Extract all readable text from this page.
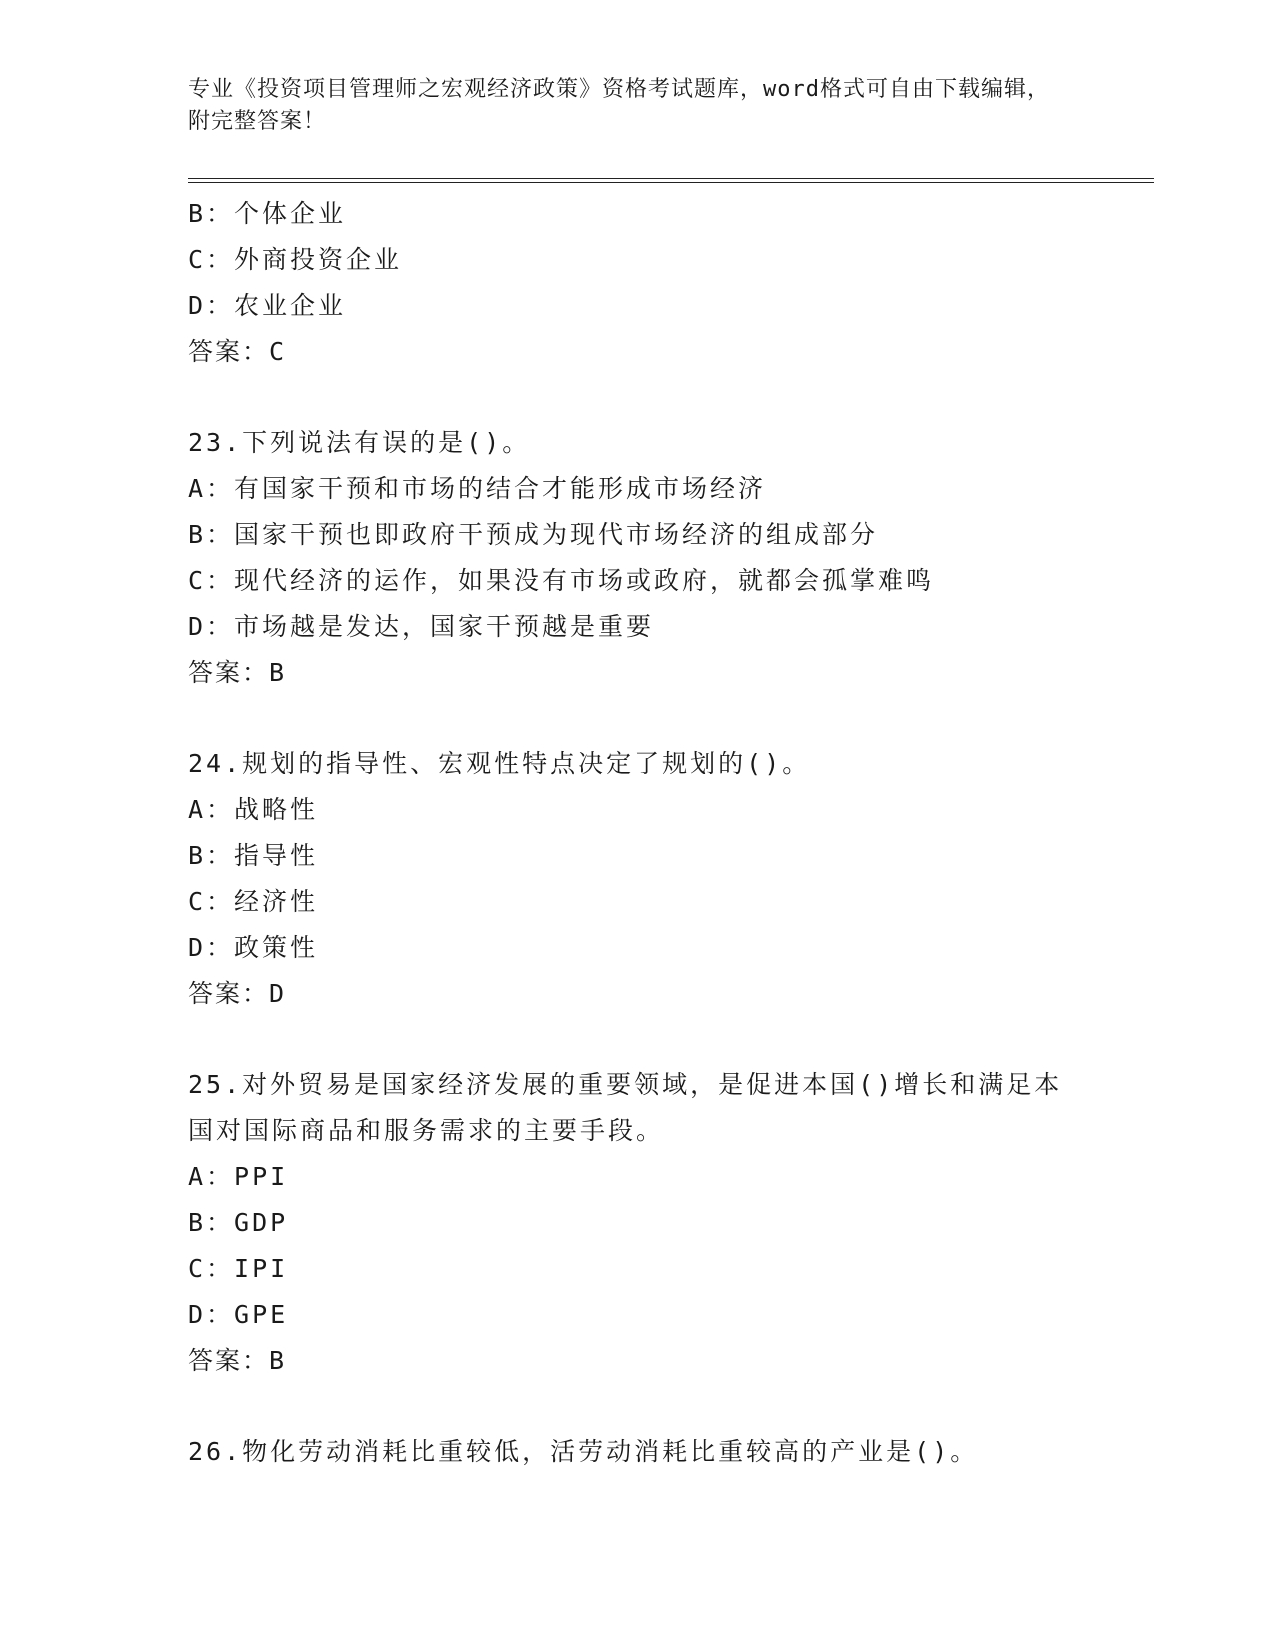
专业《投资项目管理师之宏观经济政策》资格考试题库，word格式可自由下载编辑，附完整答案！
B：个体企业
C：外商投资企业
D：农业企业
答案：C
23.下列说法有误的是()。
A：有国家干预和市场的结合才能形成市场经济
B：国家干预也即政府干预成为现代市场经济的组成部分
C：现代经济的运作，如果没有市场或政府，就都会孤掌难鸣
D：市场越是发达，国家干预越是重要
答案：B
24.规划的指导性、宏观性特点决定了规划的()。
A：战略性
B：指导性
C：经济性
D：政策性
答案：D
25.对外贸易是国家经济发展的重要领域，是促进本国()增长和满足本
国对国际商品和服务需求的主要手段。
A：PPI
B：GDP
C：IPI
D：GPE
答案：B
26.物化劳动消耗比重较低，活劳动消耗比重较高的产业是()。
